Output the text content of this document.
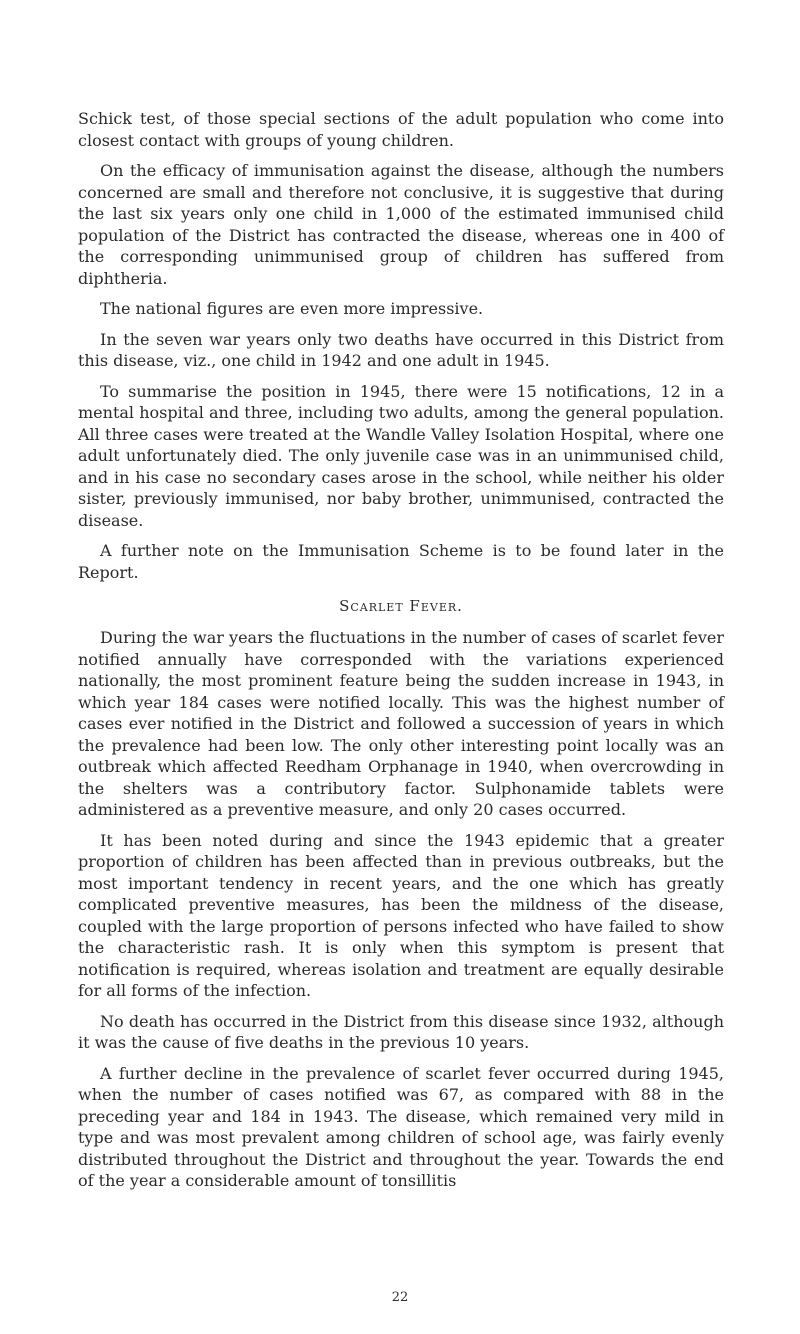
Schick test, of those special sections of the adult population who come into closest contact with groups of young children.

On the efficacy of immunisation against the disease, although the numbers concerned are small and therefore not conclusive, it is suggestive that during the last six years only one child in 1,000 of the estimated immunised child population of the District has contracted the disease, whereas one in 400 of the corresponding unimmunised group of children has suffered from diphtheria.

The national figures are even more impressive.

In the seven war years only two deaths have occurred in this District from this disease, viz., one child in 1942 and one adult in 1945.

To summarise the position in 1945, there were 15 notifications, 12 in a mental hospital and three, including two adults, among the general population. All three cases were treated at the Wandle Valley Isolation Hospital, where one adult unfortunately died. The only juvenile case was in an unimmunised child, and in his case no secondary cases arose in the school, while neither his older sister, previously immunised, nor baby brother, unimmunised, contracted the disease.

A further note on the Immunisation Scheme is to be found later in the Report.

Scarlet Fever.

During the war years the fluctuations in the number of cases of scarlet fever notified annually have corresponded with the variations experienced nationally, the most prominent feature being the sudden increase in 1943, in which year 184 cases were notified locally. This was the highest number of cases ever notified in the District and followed a succession of years in which the prevalence had been low. The only other interesting point locally was an outbreak which affected Reedham Orphanage in 1940, when overcrowding in the shelters was a contributory factor. Sulphonamide tablets were administered as a preventive measure, and only 20 cases occurred.

It has been noted during and since the 1943 epidemic that a greater proportion of children has been affected than in previous outbreaks, but the most important tendency in recent years, and the one which has greatly complicated preventive measures, has been the mildness of the disease, coupled with the large proportion of persons infected who have failed to show the characteristic rash. It is only when this symptom is present that notification is required, whereas isolation and treatment are equally desirable for all forms of the infection.

No death has occurred in the District from this disease since 1932, although it was the cause of five deaths in the previous 10 years.

A further decline in the prevalence of scarlet fever occurred during 1945, when the number of cases notified was 67, as compared with 88 in the preceding year and 184 in 1943. The disease, which remained very mild in type and was most prevalent among children of school age, was fairly evenly distributed throughout the District and throughout the year. Towards the end of the year a considerable amount of tonsillitis

22
